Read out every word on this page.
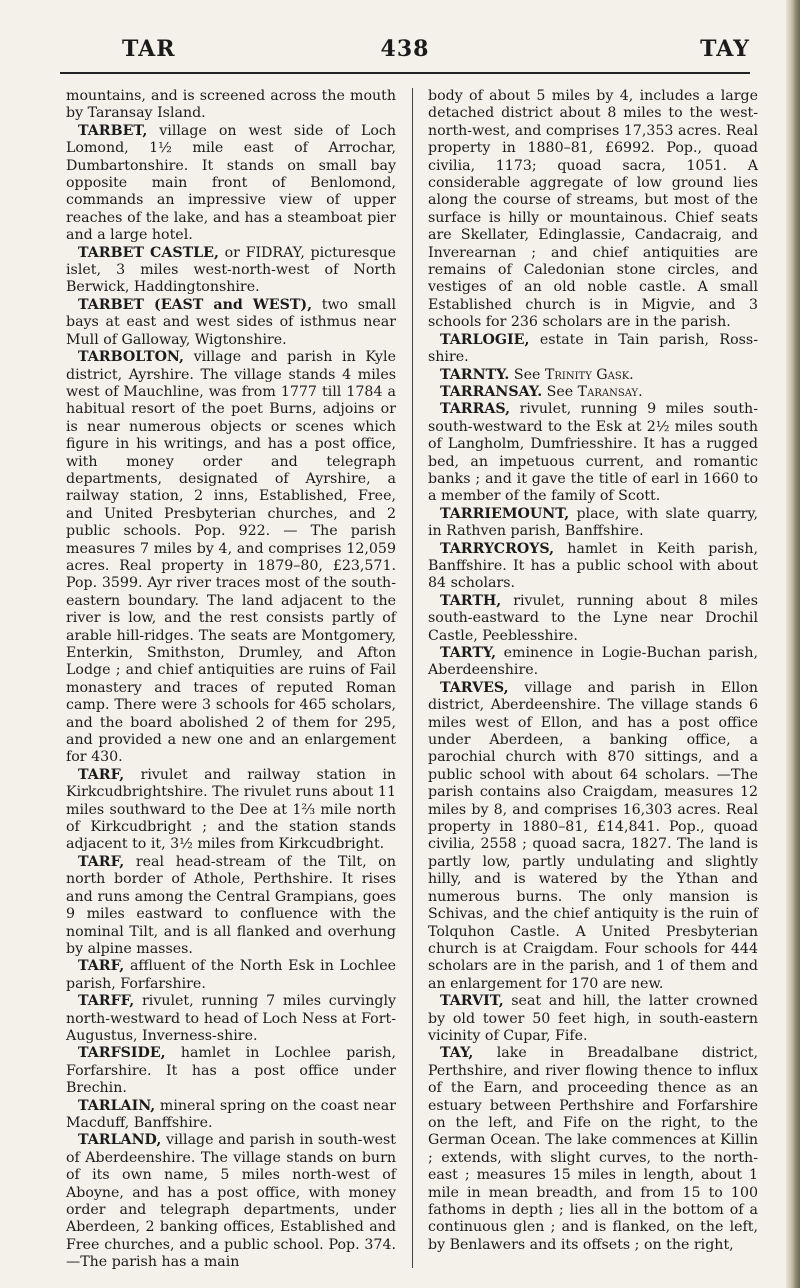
TAR	438	TAY

mountains, and is screened across the mouth by Taransay Island.

TARBET, village on west side of Loch Lomond, 1½ mile east of Arrochar, Dumbartonshire. It stands on small bay opposite main front of Benlomond, commands an impressive view of upper reaches of the lake, and has a steamboat pier and a large hotel.

TARBET CASTLE, or FIDRAY, picturesque islet, 3 miles west-north-west of North Berwick, Haddingtonshire.

TARBET (EAST and WEST), two small bays at east and west sides of isthmus near Mull of Galloway, Wigtonshire.

TARBOLTON, village and parish in Kyle district, Ayrshire. The village stands 4 miles west of Mauchline, was from 1777 till 1784 a habitual resort of the poet Burns, adjoins or is near numerous objects or scenes which figure in his writings, and has a post office, with money order and telegraph departments, designated of Ayrshire, a railway station, 2 inns, Established, Free, and United Presbyterian churches, and 2 public schools. Pop. 922. — The parish measures 7 miles by 4, and comprises 12,059 acres. Real property in 1879–80, £23,571. Pop. 3599. Ayr river traces most of the south-eastern boundary. The land adjacent to the river is low, and the rest consists partly of arable hill-ridges. The seats are Montgomery, Enterkin, Smithston, Drumley, and Afton Lodge ; and chief antiquities are ruins of Fail monastery and traces of reputed Roman camp. There were 3 schools for 465 scholars, and the board abolished 2 of them for 295, and provided a new one and an enlargement for 430.

TARF, rivulet and railway station in Kirkcudbrightshire. The rivulet runs about 11 miles southward to the Dee at 1⅔ mile north of Kirkcudbright ; and the station stands adjacent to it, 3½ miles from Kirkcudbright.

TARF, real head-stream of the Tilt, on north border of Athole, Perthshire. It rises and runs among the Central Grampians, goes 9 miles eastward to confluence with the nominal Tilt, and is all flanked and overhung by alpine masses.

TARF, affluent of the North Esk in Lochlee parish, Forfarshire.

TARFF, rivulet, running 7 miles curvingly north-westward to head of Loch Ness at Fort-Augustus, Inverness-shire.

TARFSIDE, hamlet in Lochlee parish, Forfarshire. It has a post office under Brechin.

TARLAIN, mineral spring on the coast near Macduff, Banffshire.

TARLAND, village and parish in south-west of Aberdeenshire. The village stands on burn of its own name, 5 miles north-west of Aboyne, and has a post office, with money order and telegraph departments, under Aberdeen, 2 banking offices, Established and Free churches, and a public school. Pop. 374.—The parish has a main

body of about 5 miles by 4, includes a large detached district about 8 miles to the west-north-west, and comprises 17,353 acres. Real property in 1880–81, £6992. Pop., quoad civilia, 1173; quoad sacra, 1051. A considerable aggregate of low ground lies along the course of streams, but most of the surface is hilly or mountainous. Chief seats are Skellater, Edinglassie, Candacraig, and Inverearnan ; and chief antiquities are remains of Caledonian stone circles, and vestiges of an old noble castle. A small Established church is in Migvie, and 3 schools for 236 scholars are in the parish.

TARLOGIE, estate in Tain parish, Ross-shire.

TARNTY. See Trinity Gask.

TARRANSAY. See Taransay.

TARRAS, rivulet, running 9 miles south-south-westward to the Esk at 2½ miles south of Langholm, Dumfriesshire. It has a rugged bed, an impetuous current, and romantic banks ; and it gave the title of earl in 1660 to a member of the family of Scott.

TARRIEMOUNT, place, with slate quarry, in Rathven parish, Banffshire.

TARRYCROYS, hamlet in Keith parish, Banffshire. It has a public school with about 84 scholars.

TARTH, rivulet, running about 8 miles south-eastward to the Lyne near Drochil Castle, Peeblesshire.

TARTY, eminence in Logie-Buchan parish, Aberdeenshire.

TARVES, village and parish in Ellon district, Aberdeenshire. The village stands 6 miles west of Ellon, and has a post office under Aberdeen, a banking office, a parochial church with 870 sittings, and a public school with about 64 scholars. —The parish contains also Craigdam, measures 12 miles by 8, and comprises 16,303 acres. Real property in 1880–81, £14,841. Pop., quoad civilia, 2558 ; quoad sacra, 1827. The land is partly low, partly undulating and slightly hilly, and is watered by the Ythan and numerous burns. The only mansion is Schivas, and the chief antiquity is the ruin of Tolquhon Castle. A United Presbyterian church is at Craigdam. Four schools for 444 scholars are in the parish, and 1 of them and an enlargement for 170 are new.

TARVIT, seat and hill, the latter crowned by old tower 50 feet high, in south-eastern vicinity of Cupar, Fife.

TAY, lake in Breadalbane district, Perthshire, and river flowing thence to influx of the Earn, and proceeding thence as an estuary between Perthshire and Forfarshire on the left, and Fife on the right, to the German Ocean. The lake commences at Killin ; extends, with slight curves, to the north-east ; measures 15 miles in length, about 1 mile in mean breadth, and from 15 to 100 fathoms in depth ; lies all in the bottom of a continuous glen ; and is flanked, on the left, by Benlawers and its offsets ; on the right,
